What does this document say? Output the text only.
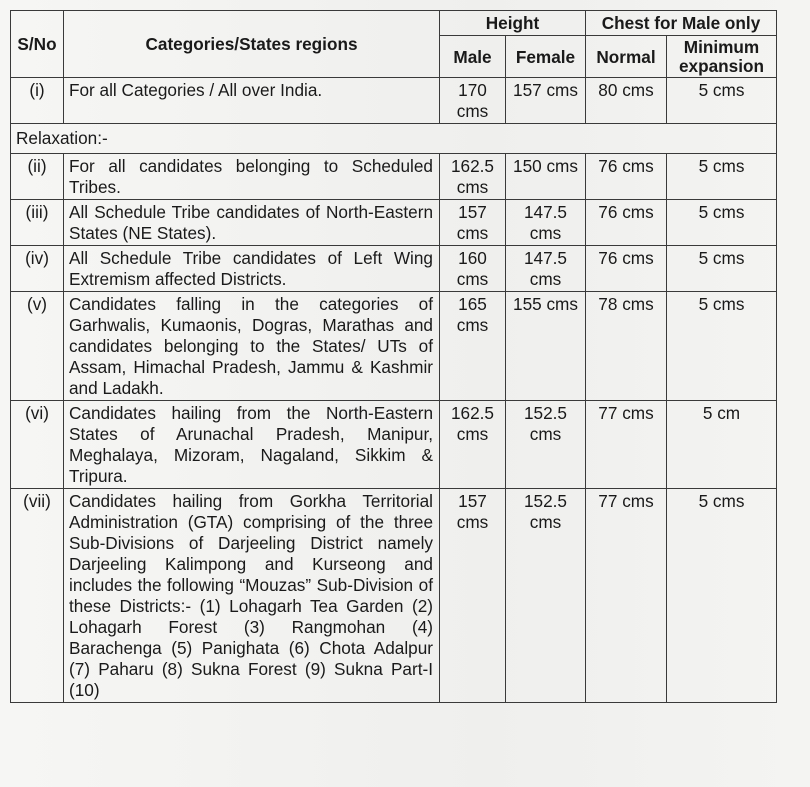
S/No	Categories/States regions	Height		Chest for Male only	
		Male	Female	Normal	Minimum expansion
(i)	For all Categories / All over India.	170 cms	157 cms	80 cms	5 cms
Relaxation:-					
(ii)	For all candidates belonging to Scheduled Tribes.	162.5 cms	150 cms	76 cms	5 cms
(iii)	All Schedule Tribe candidates of North-Eastern States (NE States).	157 cms	147.5 cms	76 cms	5 cms
(iv)	All Schedule Tribe candidates of Left Wing Extremism affected Districts.	160 cms	147.5 cms	76 cms	5 cms
(v)	Candidates falling in the categories of Garhwalis, Kumaonis, Dogras, Marathas and candidates belonging to the States/ UTs of Assam, Himachal Pradesh, Jammu & Kashmir and Ladakh.	165 cms	155 cms	78 cms	5 cms
(vi)	Candidates hailing from the North-Eastern States of Arunachal Pradesh, Manipur, Meghalaya, Mizoram, Nagaland, Sikkim & Tripura.	162.5 cms	152.5 cms	77 cms	5 cm
(vii)	Candidates hailing from Gorkha Territorial Administration (GTA) comprising of the three Sub-Divisions of Darjeeling District namely Darjeeling Kalimpong and Kurseong and includes the following “Mouzas” Sub-Division of these Districts:- (1) Lohagarh Tea Garden (2) Lohagarh Forest (3) Rangmohan (4) Barachenga (5) Panighata (6) Chota Adalpur (7) Paharu (8) Sukna Forest (9) Sukna Part-I (10)	157 cms	152.5 cms	77 cms	5 cms
